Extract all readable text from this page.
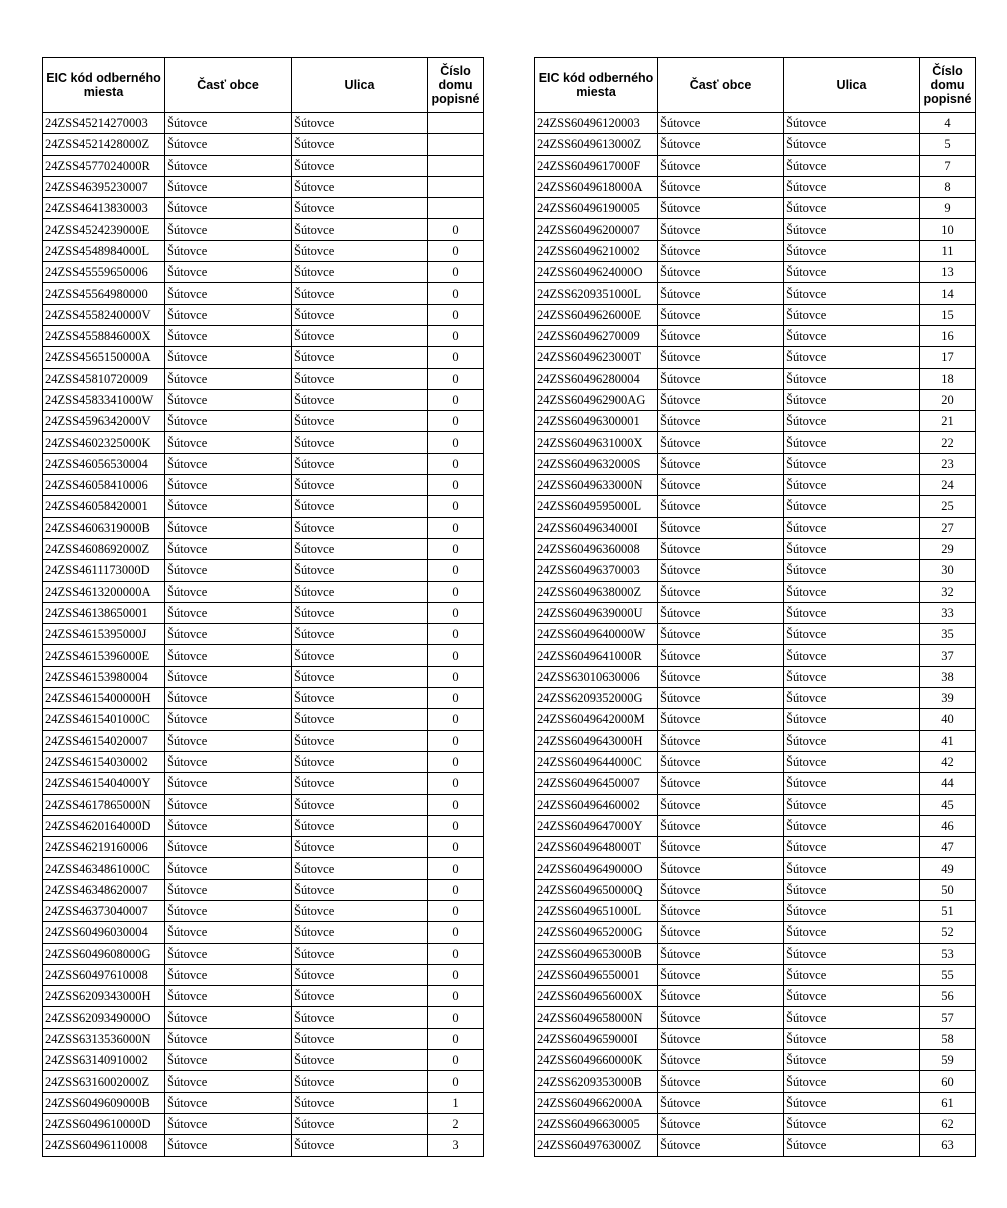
EIC kód odberného miesta	Časť obce	Ulica	Číslo domu popisné
24ZSS45214270003	Šútovce	Šútovce	
24ZSS4521428000Z	Šútovce	Šútovce	
24ZSS4577024000R	Šútovce	Šútovce	
24ZSS46395230007	Šútovce	Šútovce	
24ZSS46413830003	Šútovce	Šútovce	
24ZSS4524239000E	Šútovce	Šútovce	0
24ZSS4548984000L	Šútovce	Šútovce	0
24ZSS45559650006	Šútovce	Šútovce	0
24ZSS45564980000	Šútovce	Šútovce	0
24ZSS4558240000V	Šútovce	Šútovce	0
24ZSS4558846000X	Šútovce	Šútovce	0
24ZSS4565150000A	Šútovce	Šútovce	0
24ZSS45810720009	Šútovce	Šútovce	0
24ZSS4583341000W	Šútovce	Šútovce	0
24ZSS4596342000V	Šútovce	Šútovce	0
24ZSS4602325000K	Šútovce	Šútovce	0
24ZSS46056530004	Šútovce	Šútovce	0
24ZSS46058410006	Šútovce	Šútovce	0
24ZSS46058420001	Šútovce	Šútovce	0
24ZSS4606319000B	Šútovce	Šútovce	0
24ZSS4608692000Z	Šútovce	Šútovce	0
24ZSS4611173000D	Šútovce	Šútovce	0
24ZSS4613200000A	Šútovce	Šútovce	0
24ZSS46138650001	Šútovce	Šútovce	0
24ZSS4615395000J	Šútovce	Šútovce	0
24ZSS4615396000E	Šútovce	Šútovce	0
24ZSS46153980004	Šútovce	Šútovce	0
24ZSS4615400000H	Šútovce	Šútovce	0
24ZSS4615401000C	Šútovce	Šútovce	0
24ZSS46154020007	Šútovce	Šútovce	0
24ZSS46154030002	Šútovce	Šútovce	0
24ZSS4615404000Y	Šútovce	Šútovce	0
24ZSS4617865000N	Šútovce	Šútovce	0
24ZSS4620164000D	Šútovce	Šútovce	0
24ZSS46219160006	Šútovce	Šútovce	0
24ZSS4634861000C	Šútovce	Šútovce	0
24ZSS46348620007	Šútovce	Šútovce	0
24ZSS46373040007	Šútovce	Šútovce	0
24ZSS60496030004	Šútovce	Šútovce	0
24ZSS6049608000G	Šútovce	Šútovce	0
24ZSS60497610008	Šútovce	Šútovce	0
24ZSS6209343000H	Šútovce	Šútovce	0
24ZSS6209349000O	Šútovce	Šútovce	0
24ZSS6313536000N	Šútovce	Šútovce	0
24ZSS63140910002	Šútovce	Šútovce	0
24ZSS6316002000Z	Šútovce	Šútovce	0
24ZSS6049609000B	Šútovce	Šútovce	1
24ZSS6049610000D	Šútovce	Šútovce	2
24ZSS60496110008	Šútovce	Šútovce	3
EIC kód odberného miesta	Časť obce	Ulica	Číslo domu popisné
24ZSS60496120003	Šútovce	Šútovce	4
24ZSS6049613000Z	Šútovce	Šútovce	5
24ZSS6049617000F	Šútovce	Šútovce	7
24ZSS6049618000A	Šútovce	Šútovce	8
24ZSS60496190005	Šútovce	Šútovce	9
24ZSS60496200007	Šútovce	Šútovce	10
24ZSS60496210002	Šútovce	Šútovce	11
24ZSS6049624000O	Šútovce	Šútovce	13
24ZSS6209351000L	Šútovce	Šútovce	14
24ZSS6049626000E	Šútovce	Šútovce	15
24ZSS60496270009	Šútovce	Šútovce	16
24ZSS6049623000T	Šútovce	Šútovce	17
24ZSS60496280004	Šútovce	Šútovce	18
24ZSS604962900AG	Šútovce	Šútovce	20
24ZSS60496300001	Šútovce	Šútovce	21
24ZSS6049631000X	Šútovce	Šútovce	22
24ZSS6049632000S	Šútovce	Šútovce	23
24ZSS6049633000N	Šútovce	Šútovce	24
24ZSS6049595000L	Šútovce	Šútovce	25
24ZSS6049634000I	Šútovce	Šútovce	27
24ZSS60496360008	Šútovce	Šútovce	29
24ZSS60496370003	Šútovce	Šútovce	30
24ZSS6049638000Z	Šútovce	Šútovce	32
24ZSS6049639000U	Šútovce	Šútovce	33
24ZSS6049640000W	Šútovce	Šútovce	35
24ZSS6049641000R	Šútovce	Šútovce	37
24ZSS63010630006	Šútovce	Šútovce	38
24ZSS6209352000G	Šútovce	Šútovce	39
24ZSS6049642000M	Šútovce	Šútovce	40
24ZSS6049643000H	Šútovce	Šútovce	41
24ZSS6049644000C	Šútovce	Šútovce	42
24ZSS60496450007	Šútovce	Šútovce	44
24ZSS60496460002	Šútovce	Šútovce	45
24ZSS6049647000Y	Šútovce	Šútovce	46
24ZSS6049648000T	Šútovce	Šútovce	47
24ZSS6049649000O	Šútovce	Šútovce	49
24ZSS6049650000Q	Šútovce	Šútovce	50
24ZSS6049651000L	Šútovce	Šútovce	51
24ZSS6049652000G	Šútovce	Šútovce	52
24ZSS6049653000B	Šútovce	Šútovce	53
24ZSS60496550001	Šútovce	Šútovce	55
24ZSS6049656000X	Šútovce	Šútovce	56
24ZSS6049658000N	Šútovce	Šútovce	57
24ZSS6049659000I	Šútovce	Šútovce	58
24ZSS6049660000K	Šútovce	Šútovce	59
24ZSS6209353000B	Šútovce	Šútovce	60
24ZSS6049662000A	Šútovce	Šútovce	61
24ZSS60496630005	Šútovce	Šútovce	62
24ZSS6049763000Z	Šútovce	Šútovce	63
